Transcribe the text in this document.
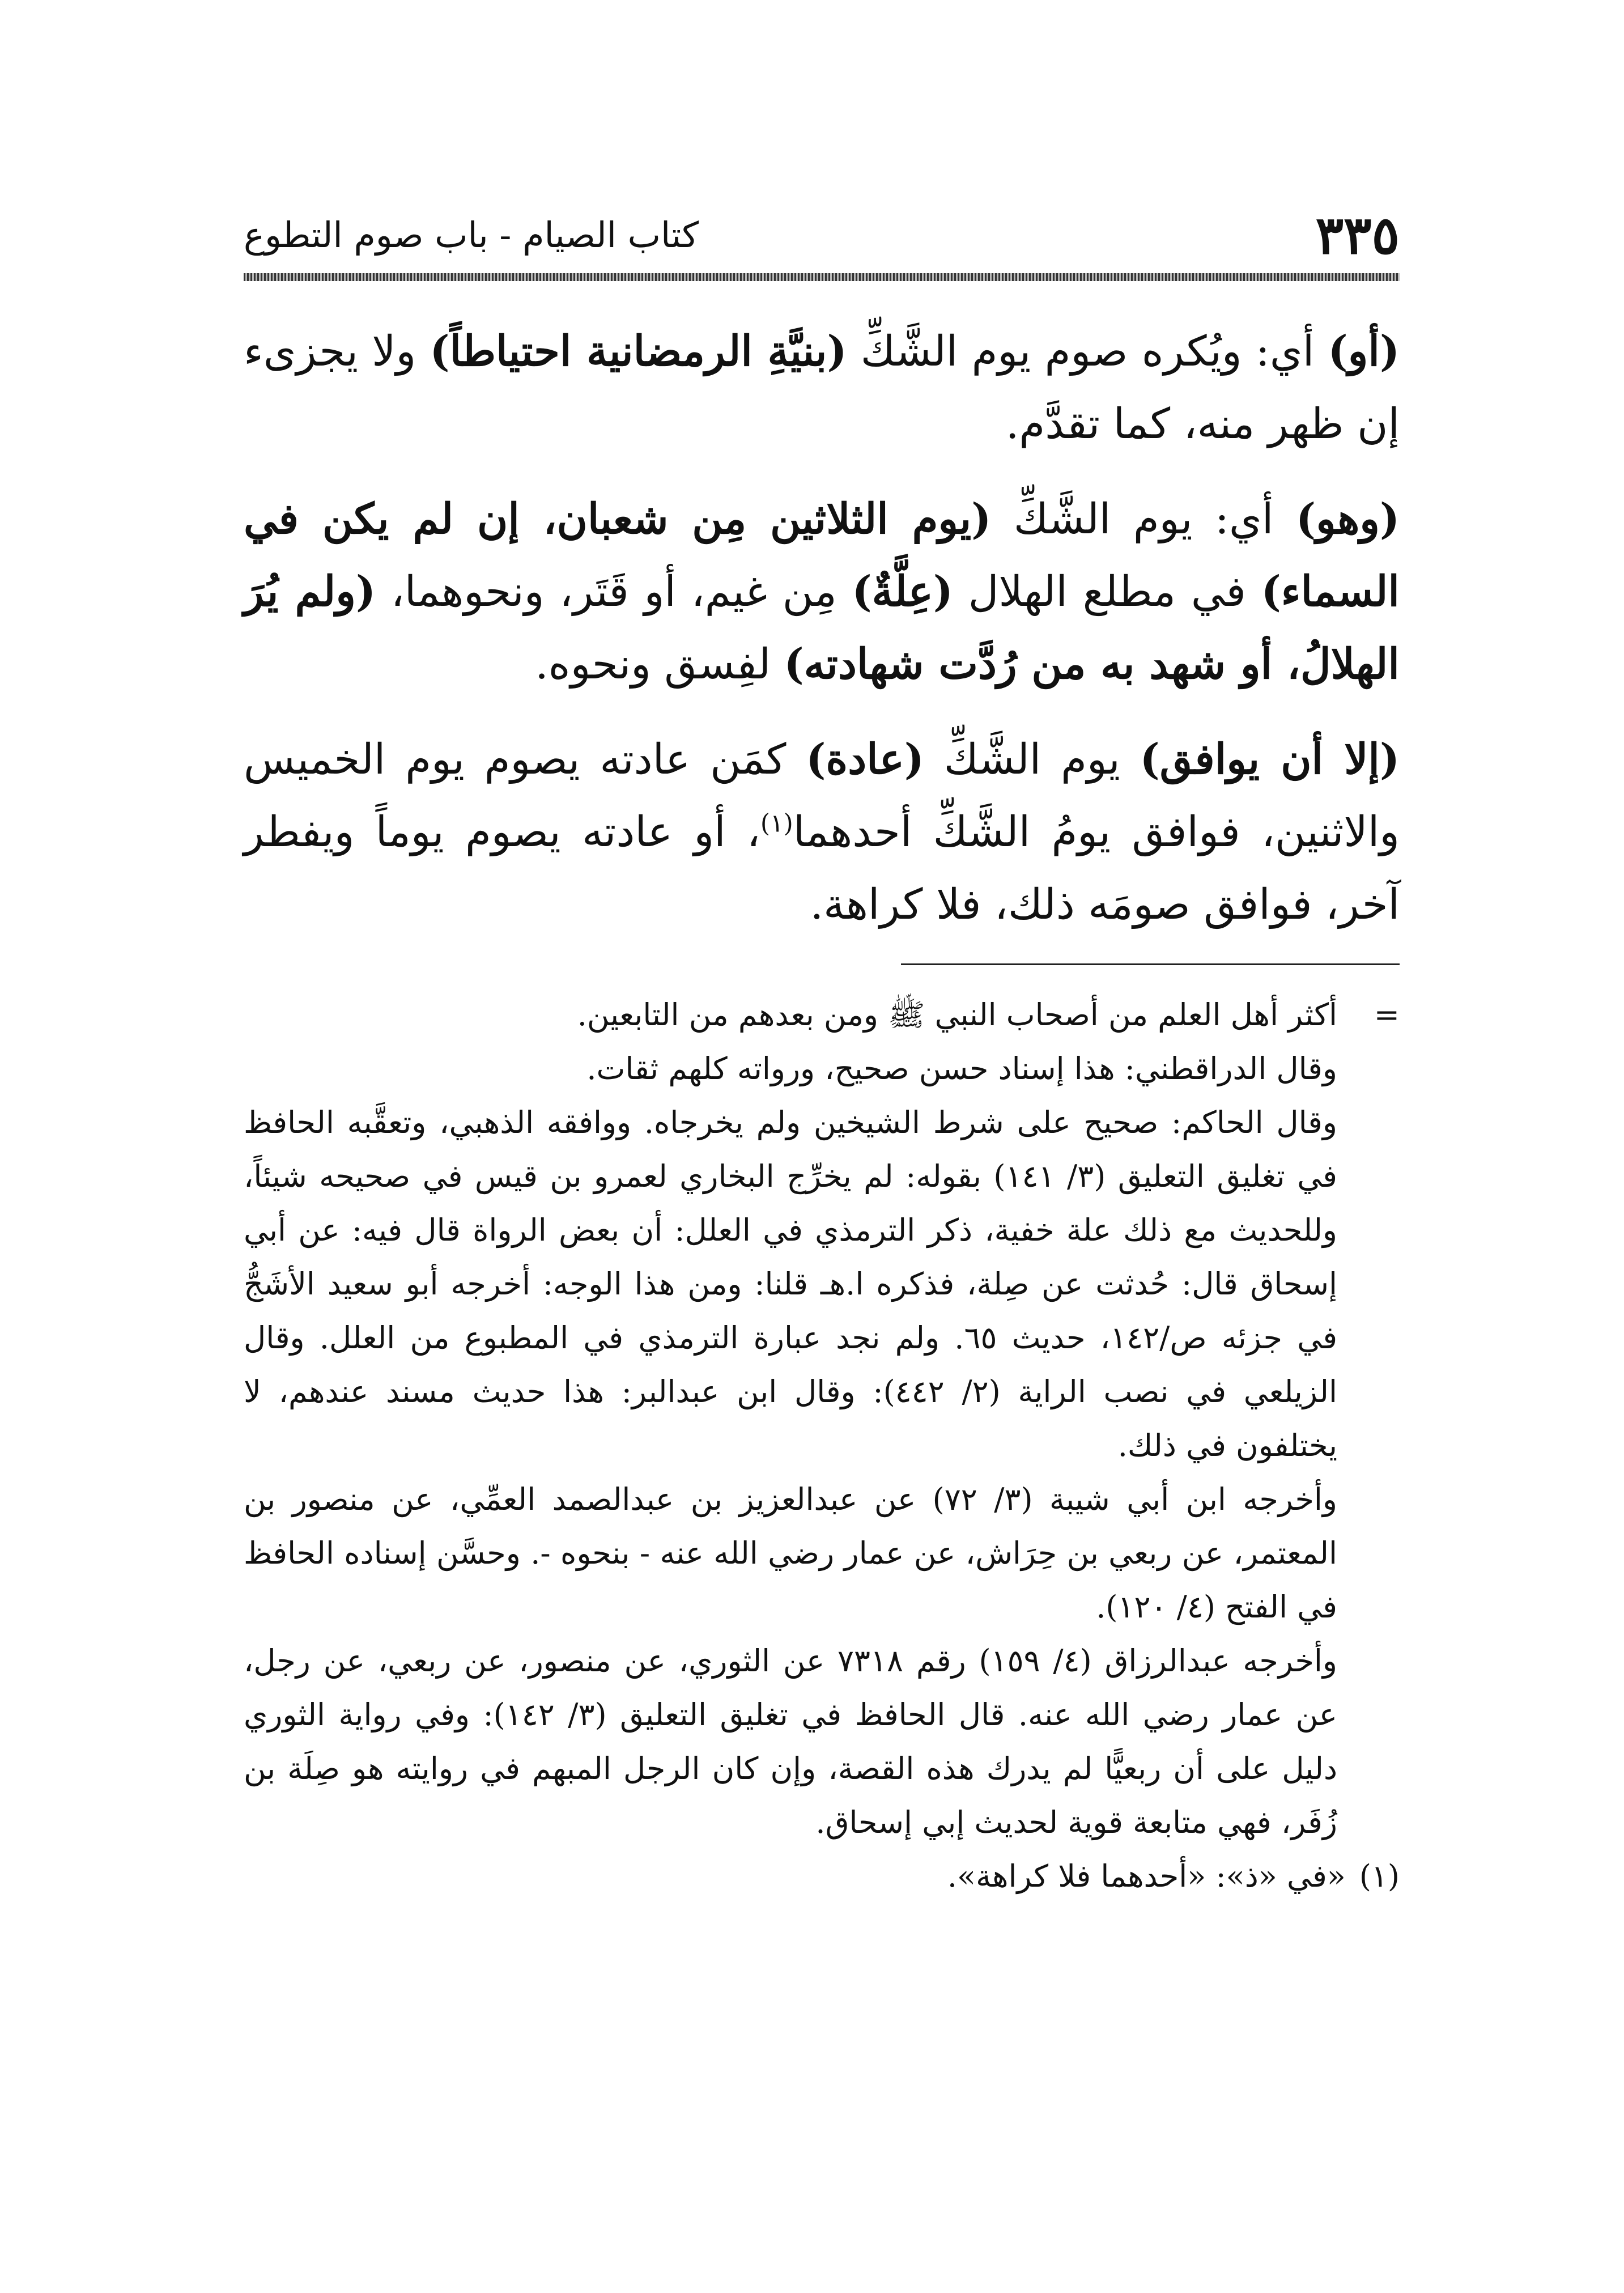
٣٣٥
كتاب الصيام - باب صوم التطوع

(أو) أي: ويُكره صوم يوم الشَّكِّ (بنيَّةِ الرمضانية احتياطاً) ولا يجزىء إن ظهر منه، كما تقدَّم.

(وهو) أي: يوم الشَّكِّ (يوم الثلاثين مِن شعبان، إن لم يكن في السماء) في مطلع الهلال (عِلَّةٌ) مِن غيم، أو قَتَر، ونحوهما، (ولم يُرَ الهلالُ، أو شهد به من رُدَّت شهادته) لفِسق ونحوه.

(إلا أن يوافق) يوم الشَّكِّ (عادة) كمَن عادته يصوم يوم الخميس والاثنين، فوافق يومُ الشَّكِّ أحدهما$^{(١)}$، أو عادته يصوم يوماً ويفطر آخر، فوافق صومَه ذلك، فلا كراهة.

=
أكثر أهل العلم من أصحاب النبي ﷺ ومن بعدهم من التابعين.

وقال الدراقطني: هذا إسناد حسن صحيح، ورواته كلهم ثقات.

وقال الحاكم: صحيح على شرط الشيخين ولم يخرجاه. ووافقه الذهبي، وتعقَّبه الحافظ في تغليق التعليق (٣/ ١٤١) بقوله: لم يخرِّج البخاري لعمرو بن قيس في صحيحه شيئاً، وللحديث مع ذلك علة خفية، ذكر الترمذي في العلل: أن بعض الرواة قال فيه: عن أبي إسحاق قال: حُدثت عن صِلة، فذكره ا.هـ قلنا: ومن هذا الوجه: أخرجه أبو سعيد الأشَجُّ في جزئه ص/١٤٢، حديث ٦٥. ولم نجد عبارة الترمذي في المطبوع من العلل. وقال الزيلعي في نصب الراية (٢/ ٤٤٢): وقال ابن عبدالبر: هذا حديث مسند عندهم، لا يختلفون في ذلك.

وأخرجه ابن أبي شيبة (٣/ ٧٢) عن عبدالعزيز بن عبدالصمد العمِّي، عن منصور بن المعتمر، عن ربعي بن حِرَاش، عن عمار رضي الله عنه - بنحوه -. وحسَّن إسناده الحافظ في الفتح (٤/ ١٢٠).

وأخرجه عبدالرزاق (٤/ ١٥٩) رقم ٧٣١٨ عن الثوري، عن منصور، عن ربعي، عن رجل، عن عمار رضي الله عنه. قال الحافظ في تغليق التعليق (٣/ ١٤٢): وفي رواية الثوري دليل على أن ربعيًّا لم يدرك هذه القصة، وإن كان الرجل المبهم في روايته هو صِلَة بن زُفَر، فهي متابعة قوية لحديث إبي إسحاق.

(١)«في «ذ»: «أحدهما فلا كراهة».
